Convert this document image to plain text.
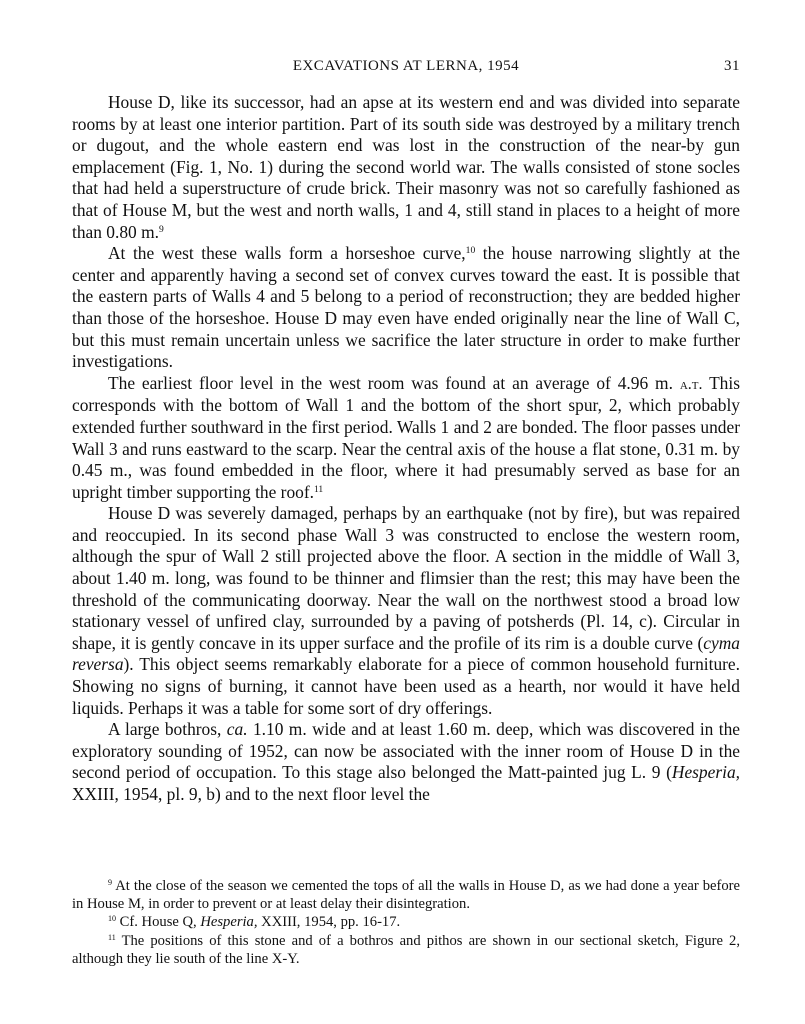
EXCAVATIONS AT LERNA, 1954	31

House D, like its successor, had an apse at its western end and was divided into separate rooms by at least one interior partition. Part of its south side was destroyed by a military trench or dugout, and the whole eastern end was lost in the construction of the near-by gun emplacement (Fig. 1, No. 1) during the second world war. The walls consisted of stone socles that had held a superstructure of crude brick. Their masonry was not so carefully fashioned as that of House M, but the west and north walls, 1 and 4, still stand in places to a height of more than 0.80 m.$^9$

At the west these walls form a horseshoe curve,$^{10}$ the house narrowing slightly at the center and apparently having a second set of convex curves toward the east. It is possible that the eastern parts of Walls 4 and 5 belong to a period of reconstruction; they are bedded higher than those of the horseshoe. House D may even have ended originally near the line of Wall C, but this must remain uncertain unless we sacrifice the later structure in order to make further investigations.

The earliest floor level in the west room was found at an average of 4.96 m. a.t. This corresponds with the bottom of Wall 1 and the bottom of the short spur, 2, which probably extended further southward in the first period. Walls 1 and 2 are bonded. The floor passes under Wall 3 and runs eastward to the scarp. Near the central axis of the house a flat stone, 0.31 m. by 0.45 m., was found embedded in the floor, where it had presumably served as base for an upright timber supporting the roof.$^{11}$

House D was severely damaged, perhaps by an earthquake (not by fire), but was repaired and reoccupied. In its second phase Wall 3 was constructed to enclose the western room, although the spur of Wall 2 still projected above the floor. A section in the middle of Wall 3, about 1.40 m. long, was found to be thinner and flimsier than the rest; this may have been the threshold of the communicating doorway. Near the wall on the northwest stood a broad low stationary vessel of unfired clay, surrounded by a paving of potsherds (Pl. 14, c). Circular in shape, it is gently concave in its upper surface and the profile of its rim is a double curve (cyma reversa). This object seems remarkably elaborate for a piece of common household furniture. Showing no signs of burning, it cannot have been used as a hearth, nor would it have held liquids. Perhaps it was a table for some sort of dry offerings.

A large bothros, ca. 1.10 m. wide and at least 1.60 m. deep, which was discovered in the exploratory sounding of 1952, can now be associated with the inner room of House D in the second period of occupation. To this stage also belonged the Matt-painted jug L. 9 (Hesperia, XXIII, 1954, pl. 9, b) and to the next floor level the

$^9$ At the close of the season we cemented the tops of all the walls in House D, as we had done a year before in House M, in order to prevent or at least delay their disintegration.

$^{10}$ Cf. House Q, Hesperia, XXIII, 1954, pp. 16-17.

$^{11}$ The positions of this stone and of a bothros and pithos are shown in our sectional sketch, Figure 2, although they lie south of the line X-Y.
